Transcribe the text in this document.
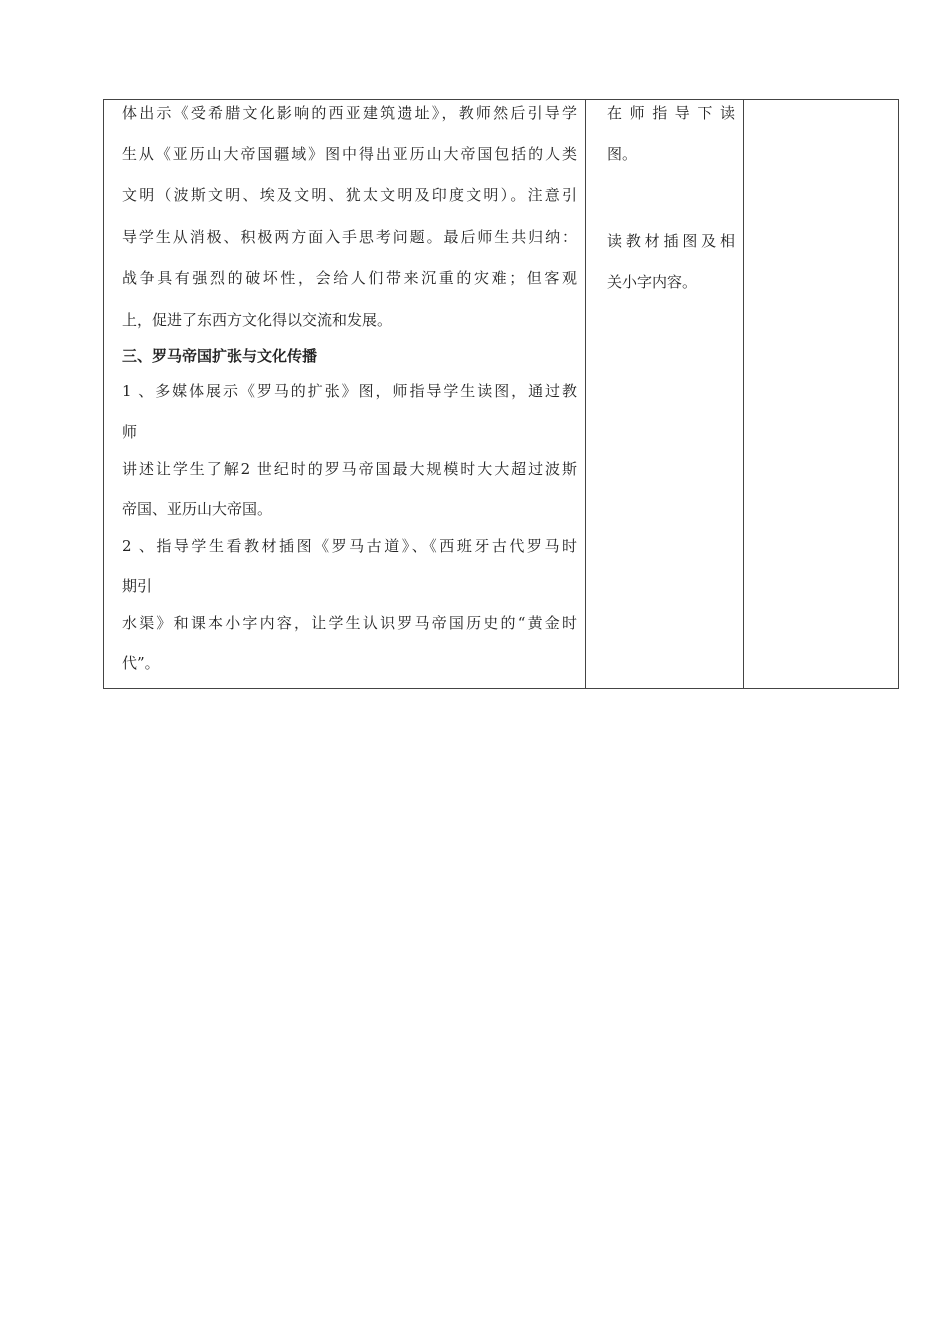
体出示《受希腊文化影响的西亚建筑遗址》，教师然后引导学
生从《亚历山大帝国疆域》图中得出亚历山大帝国包括的人类
文明（波斯文明、埃及文明、犹太文明及印度文明）。注意引
导学生从消极、积极两方面入手思考问题。最后师生共归纳：
战争具有强烈的破坏性，会给人们带来沉重的灾难；但客观
上，促进了东西方文化得以交流和发展。
三、罗马帝国扩张与文化传播
1 、多媒体展示《罗马的扩张》图，师指导学生读图，通过教
师
讲述让学生了解2 世纪时的罗马帝国最大规模时大大超过波斯
帝国、亚历山大帝国。
2 、指导学生看教材插图《罗马古道》、《西班牙古代罗马时
期引
水渠》和课本小字内容，让学生认识罗马帝国历史的“黄金时
代”。
在 师 指 导 下 读
图。
读教材插图及相
关小字内容。
